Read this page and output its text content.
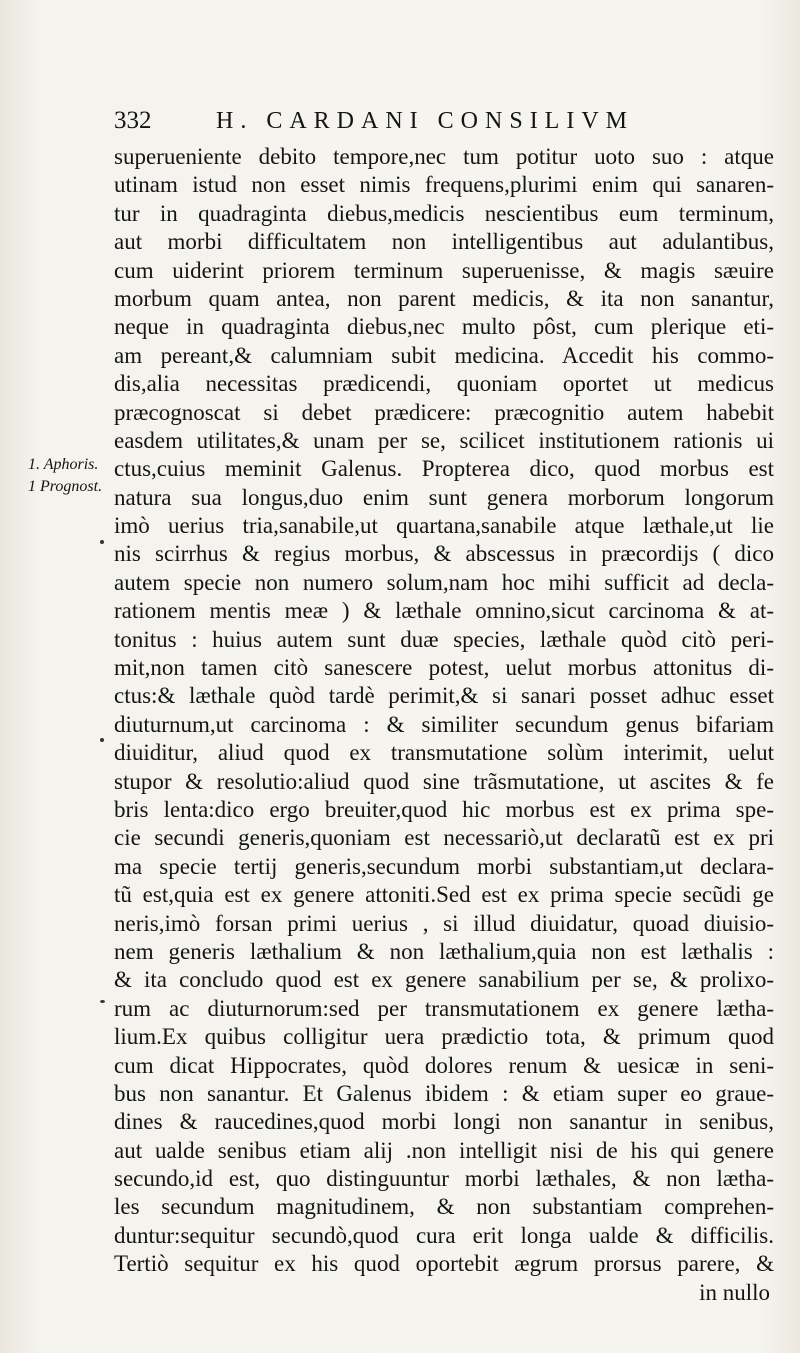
332	H. CARDANI CONSILIVM
1. Aphoris.
1 Prognost.
superueniente debito tempore,nec tum potitur uoto suo : atque
utinam istud non esset nimis frequens,plurimi enim qui sanaren-
tur in quadraginta diebus,medicis nescientibus eum terminum,
aut morbi difficultatem non intelligentibus aut adulantibus,
cum uiderint priorem terminum superuenisse, & magis sæuire
morbum quam antea, non parent medicis, & ita non sanantur,
neque in quadraginta diebus,nec multo pôst, cum plerique eti-
am pereant,& calumniam subit medicina. Accedit his commo-
dis,alia necessitas prædicendi, quoniam oportet ut medicus
præcognoscat si debet prædicere: præcognitio autem habebit
easdem utilitates,& unam per se, scilicet institutionem rationis ui
ctus,cuius meminit Galenus. Propterea dico, quod morbus est
natura sua longus,duo enim sunt genera morborum longorum
imò uerius tria,sanabile,ut quartana,sanabile atque læthale,ut lie
nis scirrhus & regius morbus, & abscessus in præcordijs ( dico
autem specie non numero solum,nam hoc mihi sufficit ad decla-
rationem mentis meæ ) & læthale omnino,sicut carcinoma & at-
tonitus : huius autem sunt duæ species, læthale quòd citò peri-
mit,non tamen citò sanescere potest, uelut morbus attonitus di-
ctus:& læthale quòd tardè perimit,& si sanari posset adhuc esset
diuturnum,ut carcinoma : & similiter secundum genus bifariam
diuiditur, aliud quod ex transmutatione solùm interimit, uelut
stupor & resolutio:aliud quod sine trãsmutatione, ut ascites & fe
bris lenta:dico ergo breuiter,quod hic morbus est ex prima spe-
cie secundi generis,quoniam est necessariò,ut declaratũ est ex pri
ma specie tertij generis,secundum morbi substantiam,ut declara-
tũ est,quia est ex genere attoniti.Sed est ex prima specie secũdi ge
neris,imò forsan primi uerius , si illud diuidatur, quoad diuisio-
nem generis læthalium & non læthalium,quia non est læthalis :
& ita concludo quod est ex genere sanabilium per se, & prolixo-
rum ac diuturnorum:sed per transmutationem ex genere lætha-
lium.Ex quibus colligitur uera prædictio tota, & primum quod
cum dicat Hippocrates, quòd dolores renum & uesicæ in seni-
bus non sanantur. Et Galenus ibidem : & etiam super eo graue-
dines & raucedines,quod morbi longi non sanantur in senibus,
aut ualde senibus etiam alij .non intelligit nisi de his qui genere
secundo,id est, quo distinguuntur morbi læthales, & non lætha-
les secundum magnitudinem, & non substantiam comprehen-
duntur:sequitur secundò,quod cura erit longa ualde & difficilis.
Tertiò sequitur ex his quod oportebit ægrum prorsus parere, &
in nullo
